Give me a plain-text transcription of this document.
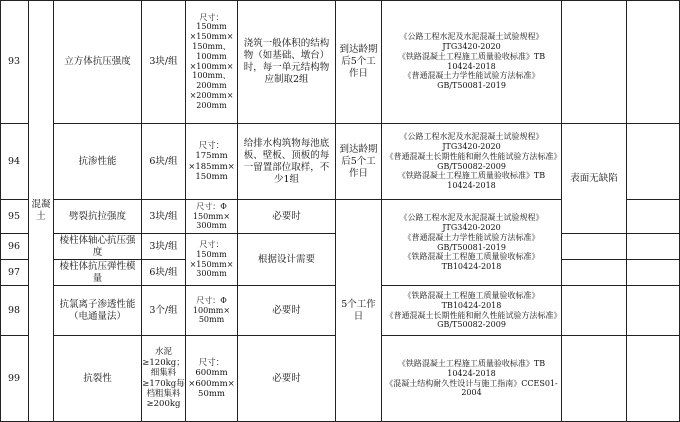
93
94
95
96
97
98
99
混凝土
立方体抗压强度
抗渗性能
劈裂抗拉强度
棱柱体轴心抗压强度
棱柱体抗压弹性模量
抗氯离子渗透性能（电通量法）
抗裂性
3块/组
6块/组
3块/组
3块/组
6块/组
3个/组
水泥≥120kg；细集料≥170kg每档粗集料≥200kg
尺寸：
150mm
×150mm×
150mm、
100mm
×100mm×
100mm、
200mm
×200mm×
200mm
尺寸：
175mm
×185mm×
150mm
尺寸：Φ
150mm×
300mm
尺寸：
150mm
×150mm×
300mm
尺寸：Φ
100mm×
50mm
尺寸：
600mm
×600mm×
50mm
浇筑一般体积的结构物（如基础、墩台）时，每一单元结构物应制取2组
给排水构筑物每池底板、壁板、顶板的每一留置部位取样，不少1组
必要时
根据设计需要
必要时
必要时
到达龄期后5个工作日
到达龄期后5个工作日
5个工作日
《公路工程水泥及水泥混凝土试验规程》JTG3420-2020
《铁路混凝土工程施工质量验收标准》TB 10424-2018
《普通混凝土力学性能试验方法标准》GB/T50081-2019
《公路工程水泥及水泥混凝土试验规程》JTG3420-2020
《普通混凝土长期性能和耐久性能试验方法标准》GB/T50082-2009
《铁路混凝土工程施工质量验收标准》TB 10424-2018
《公路工程水泥及水泥混凝土试验规程》JTG3420-2020
《普通混凝土力学性能试验方法标准》GB/T50081-2019
《铁路混凝土工程施工质量验收标准》TB10424-2018
《铁路混凝土工程施工质量验收标准》TB10424-2018
《普通混凝土长期性能和耐久性能试验方法标准》GB/T50082-2009
《铁路混凝土工程施工质量验收标准》TB 10424-2018
《混凝土结构耐久性设计与施工指南》CCES01-2004
表面无缺陷
